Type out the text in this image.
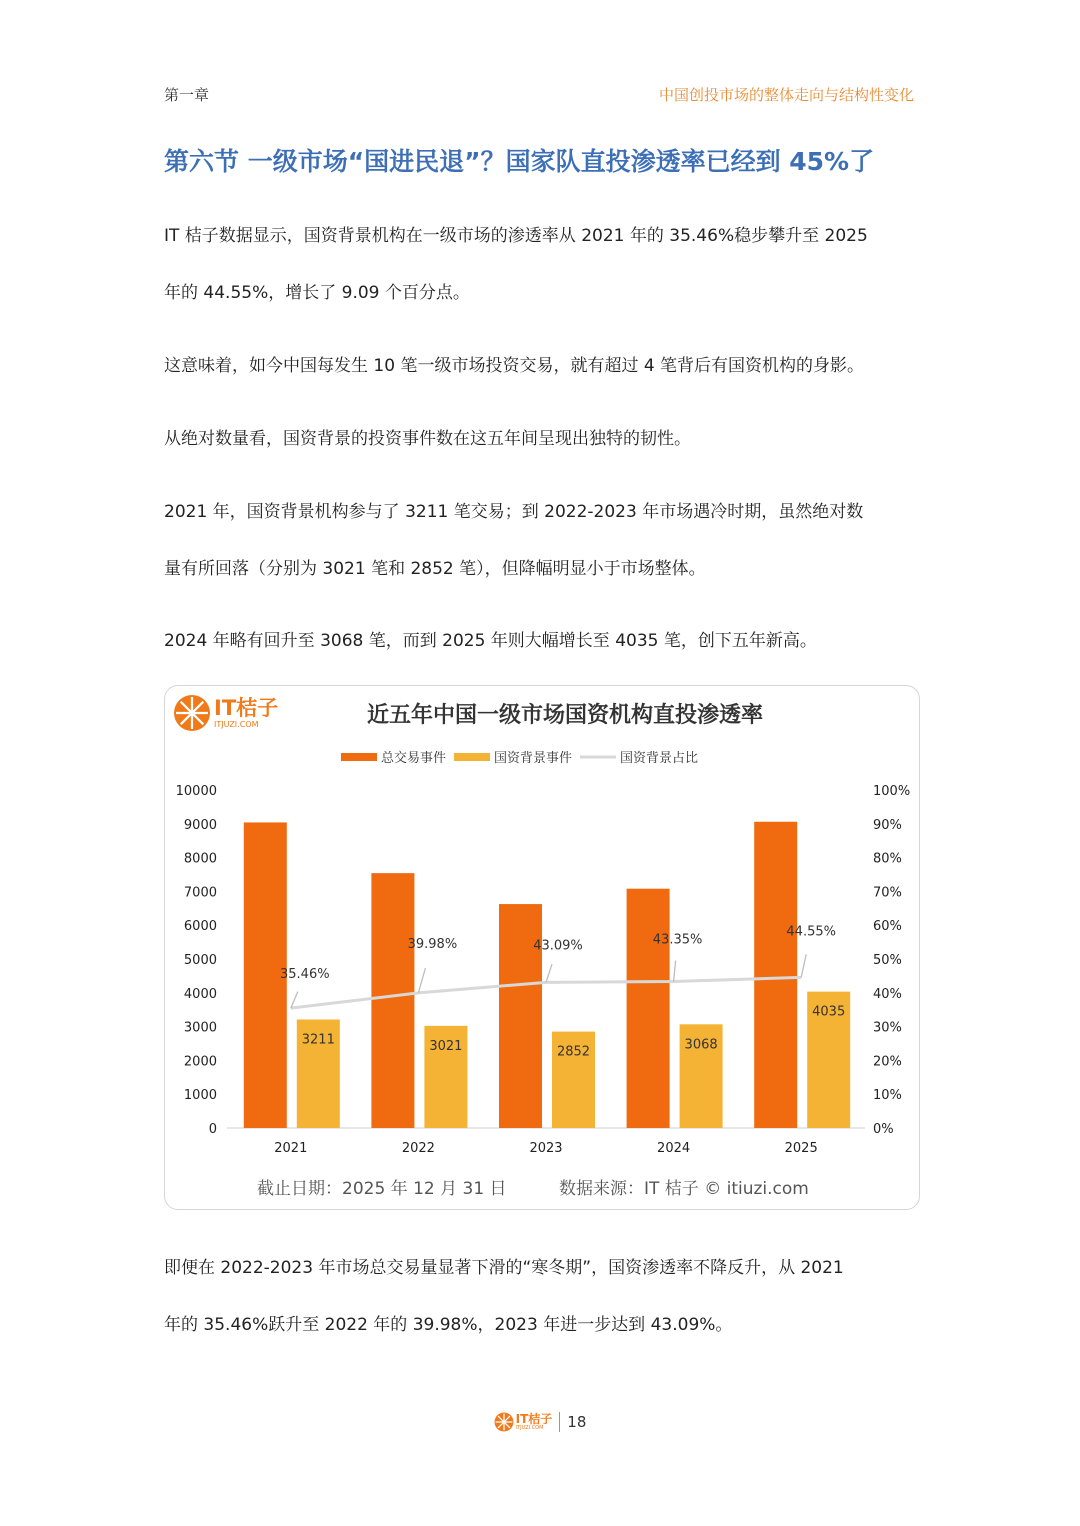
第一章	中国创投市场的整体走向与结构性变化
第六节 一级市场“国进民退”？国家队直投渗透率已经到 45%了
IT 桔子数据显示，国资背景机构在一级市场的渗透率从 2021 年的 35.46%稳步攀升至 2025
年的 44.55%，增长了 9.09 个百分点。
这意味着，如今中国每发生 10 笔一级市场投资交易，就有超过 4 笔背后有国资机构的身影。
从绝对数量看，国资背景的投资事件数在这五年间呈现出独特的韧性。
2021 年，国资背景机构参与了 3211 笔交易；到 2022-2023 年市场遇冷时期，虽然绝对数
量有所回落（分别为 3021 笔和 2852 笔），但降幅明显小于市场整体。
2024 年略有回升至 3068 笔，而到 2025 年则大幅增长至 4035 笔，创下五年新高。
IT桔子
ITJUZI.COM	近五年中国一级市场国资机构直投渗透率
总交易事件	国资背景事件	国资背景占比
0
1000
2000
3000
4000
5000
6000
7000
8000
9000
10000
0%
10%
20%
30%
40%
50%
60%
70%
80%
90%
100%
3211
2021
3021
2022
2852
2023
3068
2024
4035
2025
35.46%
39.98%	43.09%	43.35%
44.55%
截止日期：2025 年 12 月 31 日	数据来源：IT 桔子 © itiuzi.com
即便在 2022-2023 年市场总交易量显著下滑的“寒冬期”，国资渗透率不降反升，从 2021
年的 35.46%跃升至 2022 年的 39.98%，2023 年进一步达到 43.09%。
IT桔子
ITJUZI.COM	18
